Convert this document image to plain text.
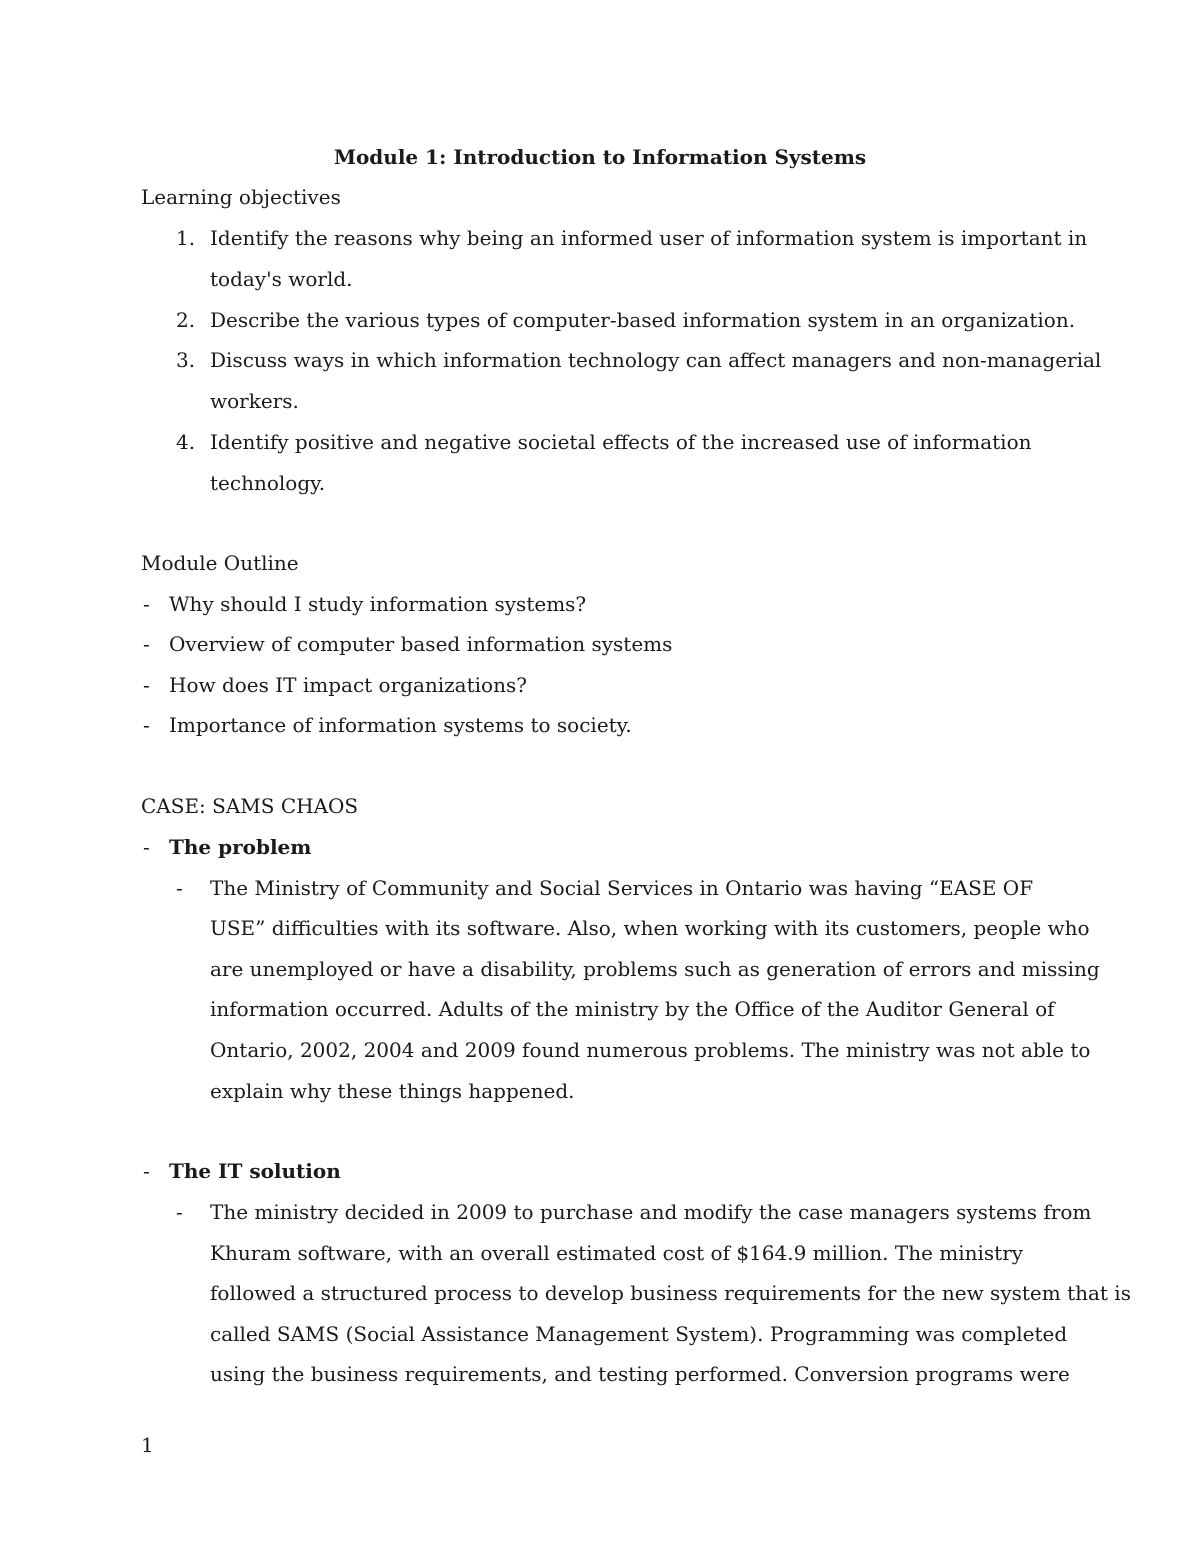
Module 1: Introduction to Information Systems
Learning objectives
1. Identify the reasons why being an informed user of information system is important in
today's world.
2. Describe the various types of computer-based information system in an organization.
3. Discuss ways in which information technology can affect managers and non-managerial
workers.
4. Identify positive and negative societal effects of the increased use of information
technology.
Module Outline
- Why should I study information systems?
- Overview of computer based information systems
- How does IT impact organizations?
- Importance of information systems to society.
CASE: SAMS CHAOS
- The problem
- The Ministry of Community and Social Services in Ontario was having “EASE OF
USE” difficulties with its software. Also, when working with its customers, people who
are unemployed or have a disability, problems such as generation of errors and missing
information occurred. Adults of the ministry by the Office of the Auditor General of
Ontario, 2002, 2004 and 2009 found numerous problems. The ministry was not able to
explain why these things happened.
- The IT solution
- The ministry decided in 2009 to purchase and modify the case managers systems from
Khuram software, with an overall estimated cost of $164.9 million. The ministry
followed a structured process to develop business requirements for the new system that is
called SAMS (Social Assistance Management System). Programming was completed
using the business requirements, and testing performed. Conversion programs were
1
